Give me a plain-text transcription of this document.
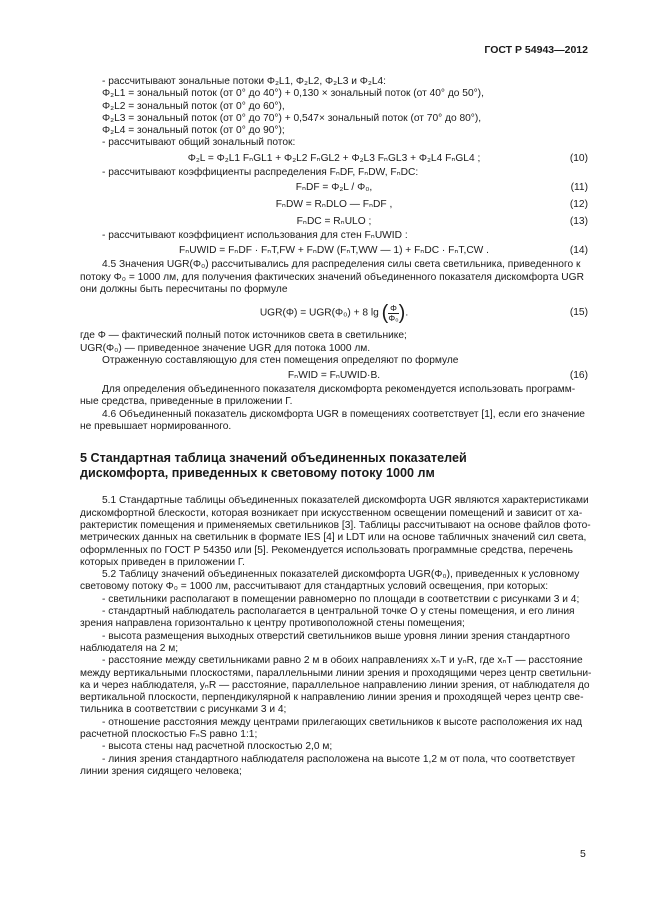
ГОСТ Р 54943—2012
- рассчитывают зональные потоки Φ₂L1, Φ₂L2, Φ₂L3 и Φ₂L4:
Φ₂L1 = зональный поток (от 0° до 40°) + 0,130 × зональный поток (от 40° до 50°),
Φ₂L2 = зональный поток (от 0° до 60°),
Φ₂L3 = зональный поток (от 0° до 70°) + 0,547× зональный поток (от 70° до 80°),
Φ₂L4 = зональный поток (от 0° до 90°);
- рассчитывают общий зональный поток:
Φ₂L = Φ₂L1 FₙGL1 + Φ₂L2 FₙGL2 + Φ₂L3 FₙGL3 + Φ₂L4 FₙGL4 ;	(10)
- рассчитывают коэффициенты распределения FₙDF, FₙDW, FₙDC:
FₙDF = Φ₂L / Φ₀,	(11)
FₙDW = RₙDLO — FₙDF ,	(12)
FₙDC = RₙULO ;	(13)
- рассчитывают коэффициент использования для стен FₙUWID :
FₙUWID = FₙDF · FₙT,FW + FₙDW (FₙT,WW — 1) + FₙDC · FₙT,CW .	(14)
4.5 Значения UGR(Φ₀) рассчитывались для распределения силы света светильника, приведенного к
потоку Φ₀ = 1000 лм, для получения фактических значений объединенного показателя дискомфорта UGR
они должны быть пересчитаны по формуле
UGR(Φ) = UGR(Φ₀) + 8 lg ( $\frac{\Phi}{\text{Φ₀}}$ ).	(15)
где Φ — фактический полный поток источников света в светильнике;
UGR(Φ₀) — приведенное значение UGR для потока 1000 лм.
Отраженную составляющую для стен помещения определяют по формуле
FₙWID = FₙUWID·B.	(16)
Для определения объединенного показателя дискомфорта рекомендуется использовать программ-
ные средства, приведенные в приложении Г.
4.6 Объединенный показатель дискомфорта UGR в помещениях соответствует [1], если его значение
не превышает нормированного.
5 Стандартная таблица значений объединенных показателей
дискомфорта, приведенных к световому потоку 1000 лм
5.1 Стандартные таблицы объединенных показателей дискомфорта UGR являются характеристиками
дискомфортной блескости, которая возникает при искусственном освещении помещений и зависит от ха-
рактеристик помещения и применяемых светильников [3]. Таблицы рассчитывают на основе файлов фото-
метрических данных на светильник в формате IES [4] и LDT или на основе табличных значений сил света,
оформленных по ГОСТ Р 54350 или [5]. Рекомендуется использовать программные средства, перечень
которых приведен в приложении Г.
5.2 Таблицу значений объединенных показателей дискомфорта UGR(Φ₀), приведенных к условному
световому потоку Φ₀ = 1000 лм, рассчитывают для стандартных условий освещения, при которых:
- светильники располагают в помещении равномерно по площади в соответствии с рисунками 3 и 4;
- стандартный наблюдатель располагается в центральной точке О у стены помещения, и его линия
зрения направлена горизонтально к центру противоположной стены помещения;
- высота размещения выходных отверстий светильников выше уровня линии зрения стандартного
наблюдателя на 2 м;
- расстояние между светильниками равно 2 м в обоих направлениях xₙT и yₙR, где xₙT — расстояние
между вертикальными плоскостями, параллельными линии зрения и проходящими через центр светильни-
ка и через наблюдателя, yₙR — расстояние, параллельное направлению линии зрения, от наблюдателя до
вертикальной плоскости, перпендикулярной к направлению линии зрения и проходящей через центр све-
тильника в соответствии с рисунками 3 и 4;
- отношение расстояния между центрами прилегающих светильников к высоте расположения их над
расчетной плоскостью FₙS равно 1:1;
- высота стены над расчетной плоскостью 2,0 м;
- линия зрения стандартного наблюдателя расположена на высоте 1,2 м от пола, что соответствует
линии зрения сидящего человека;
5
